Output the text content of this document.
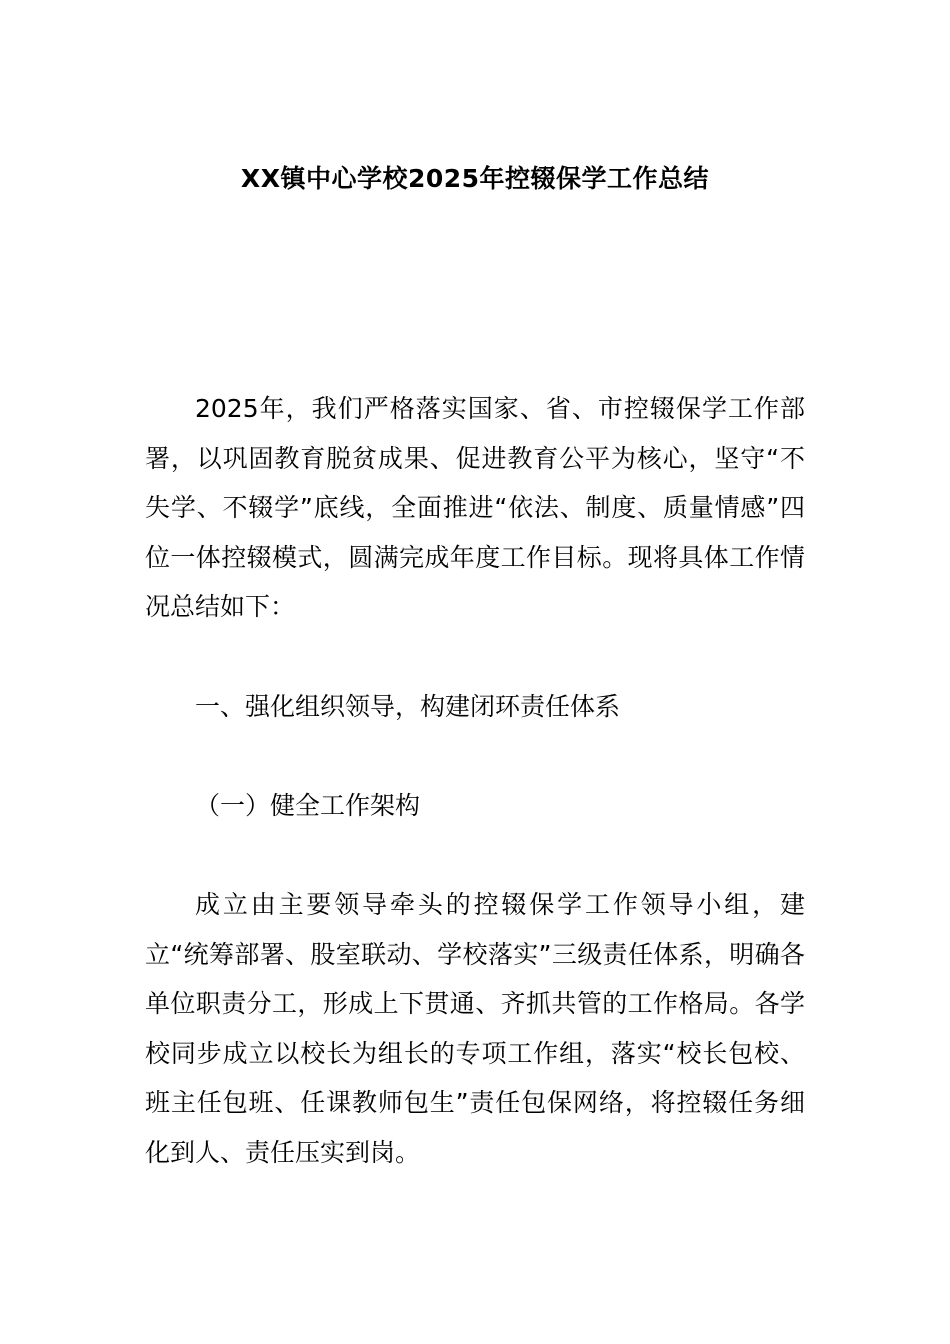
XX镇中心学校2025年控辍保学工作总结

2025年，我们严格落实国家、省、市控辍保学工作部署，以巩固教育脱贫成果、促进教育公平为核心，坚守“不失学、不辍学”底线，全面推进“依法、制度、质量情感”四位一体控辍模式，圆满完成年度工作目标。现将具体工作情况总结如下：

一、强化组织领导，构建闭环责任体系

（一）健全工作架构

成立由主要领导牵头的控辍保学工作领导小组，建立“统筹部署、股室联动、学校落实”三级责任体系，明确各单位职责分工，形成上下贯通、齐抓共管的工作格局。各学校同步成立以校长为组长的专项工作组，落实“校长包校、班主任包班、任课教师包生”责任包保网络，将控辍任务细化到人、责任压实到岗。
